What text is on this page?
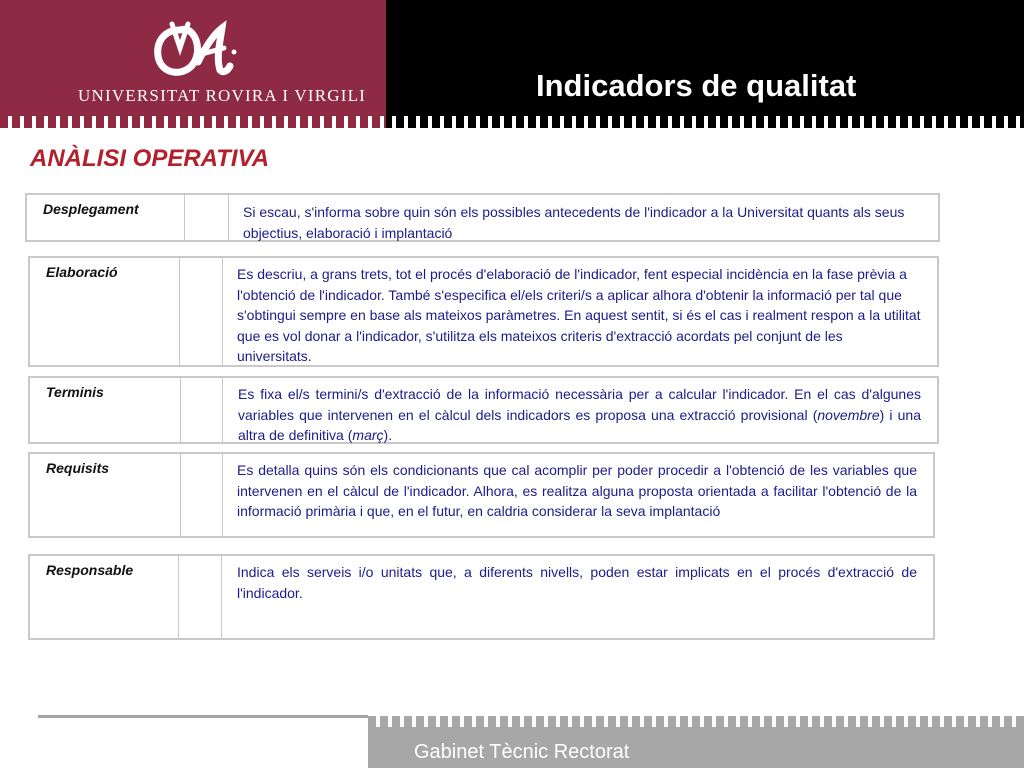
UNIVERSITAT ROVIRA I VIRGILI	Indicadors de qualitat
ANÀLISI OPERATIVA
Desplegament	Si escau, s'informa sobre quin són els possibles antecedents de l'indicador a la Universitat quants als seus objectius, elaboració i implantació
Elaboració	Es descriu, a grans trets, tot el procés d'elaboració de l'indicador, fent especial incidència en la fase prèvia a l'obtenció de l'indicador. També s'especifica el/els criteri/s a aplicar alhora d'obtenir la informació per tal que s'obtingui sempre en base als mateixos paràmetres. En aquest sentit, si és el cas i realment respon a la utilitat que es vol donar a l'indicador, s'utilitza els mateixos criteris d'extracció acordats pel conjunt de les universitats.
Terminis	Es fixa el/s termini/s d'extracció de la informació necessària per a calcular l'indicador. En el cas d'algunes variables que intervenen en el càlcul dels indicadors es proposa una extracció provisional (novembre) i una altra de definitiva (març).
Requisits	Es detalla quins són els condicionants que cal acomplir per poder procedir a l'obtenció de les variables que intervenen en el càlcul de l'indicador. Alhora, es realitza alguna proposta orientada a facilitar l'obtenció de la informació primària i que, en el futur, en caldria considerar la seva implantació
Responsable	Indica els serveis i/o unitats que, a diferents nivells, poden estar implicats en el procés d'extracció de l'indicador.
Gabinet Tècnic Rectorat
